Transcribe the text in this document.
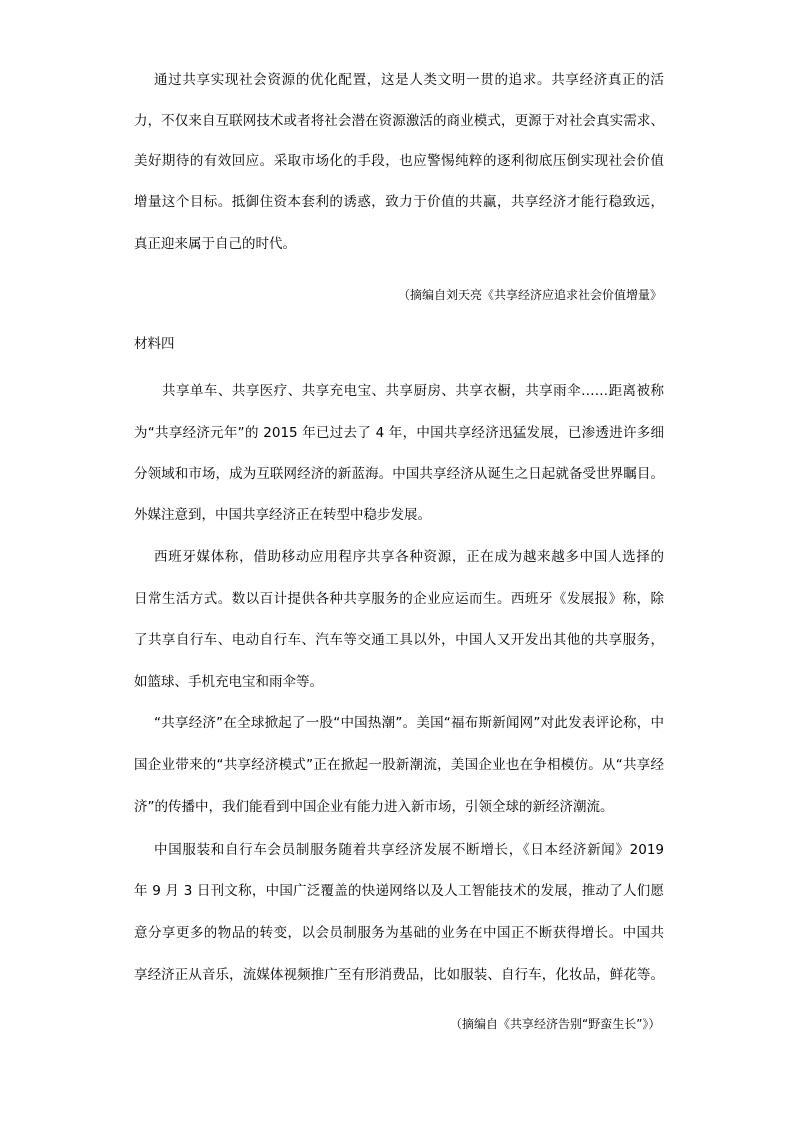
通过共享实现社会资源的优化配置，这是人类文明一贯的追求。共享经济真正的活
力，不仅来自互联网技术或者将社会潜在资源激活的商业模式，更源于对社会真实需求、
美好期待的有效回应。采取市场化的手段，也应警惕纯粹的逐利彻底压倒实现社会价值
增量这个目标。抵御住资本套利的诱惑，致力于价值的共赢，共享经济才能行稳致远，
真正迎来属于自己的时代。
（摘编自刘天亮《共享经济应追求社会价值增量》
材料四
共享单车、共享医疗、共享充电宝、共享厨房、共享衣橱，共享雨伞……距离被称
为“共享经济元年”的 2015 年已过去了 4 年，中国共享经济迅猛发展，已渗透进许多细
分领域和市场，成为互联网经济的新蓝海。中国共享经济从诞生之日起就备受世界瞩目。
外媒注意到，中国共享经济正在转型中稳步发展。
西班牙媒体称，借助移动应用程序共享各种资源，正在成为越来越多中国人选择的
日常生活方式。数以百计提供各种共享服务的企业应运而生。西班牙《发展报》称，除
了共享自行车、电动自行车、汽车等交通工具以外，中国人又开发出其他的共享服务，
如篮球、手机充电宝和雨伞等。
“共享经济”在全球掀起了一股“中国热潮”。美国“福布斯新闻网”对此发表评论称，中
国企业带来的“共享经济模式”正在掀起一股新潮流，美国企业也在争相模仿。从“共享经
济”的传播中，我们能看到中国企业有能力进入新市场，引领全球的新经济潮流。
中国服装和自行车会员制服务随着共享经济发展不断增长，《日本经济新闻》2019
年 9 月 3 日刊文称，中国广泛覆盖的快递网络以及人工智能技术的发展，推动了人们愿
意分享更多的物品的转变，以会员制服务为基础的业务在中国正不断获得增长。中国共
享经济正从音乐，流媒体视频推广至有形消费品，比如服装、自行车，化妆品，鲜花等。
（摘编自《共享经济告别“野蛮生长”》）
